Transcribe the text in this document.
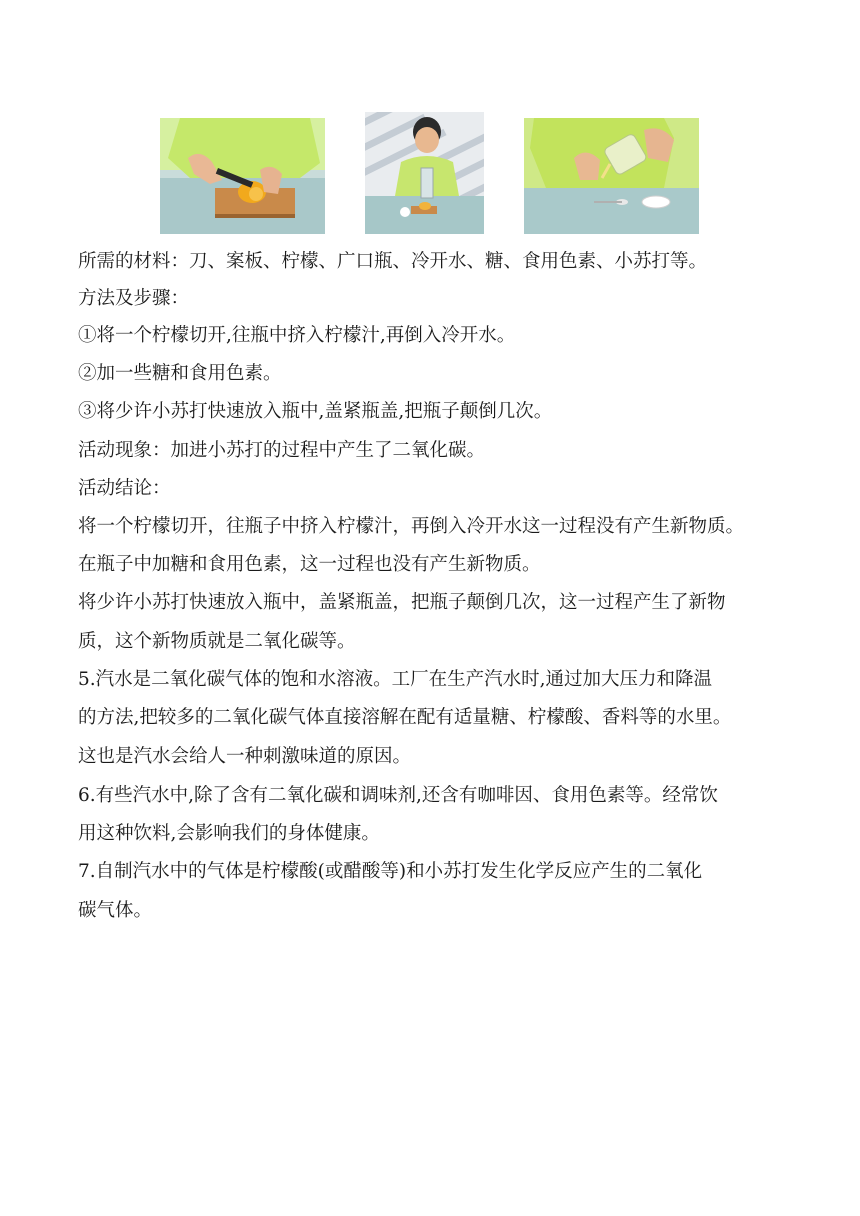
所需的材料：刀、案板、柠檬、广口瓶、冷开水、糖、食用色素、小苏打等。
方法及步骤：
①将一个柠檬切开,往瓶中挤入柠檬汁,再倒入冷开水。
②加一些糖和食用色素。
③将少许小苏打快速放入瓶中,盖紧瓶盖,把瓶子颠倒几次。
活动现象：加进小苏打的过程中产生了二氧化碳。
活动结论：
将一个柠檬切开，往瓶子中挤入柠檬汁，再倒入冷开水这一过程没有产生新物质。
在瓶子中加糖和食用色素，这一过程也没有产生新物质。
将少许小苏打快速放入瓶中，盖紧瓶盖，把瓶子颠倒几次，这一过程产生了新物
质，这个新物质就是二氧化碳等。
5.汽水是二氧化碳气体的饱和水溶液。工厂在生产汽水时,通过加大压力和降温
的方法,把较多的二氧化碳气体直接溶解在配有适量糖、柠檬酸、香料等的水里。
这也是汽水会给人一种刺激味道的原因。
6.有些汽水中,除了含有二氧化碳和调味剂,还含有咖啡因、食用色素等。经常饮
用这种饮料,会影响我们的身体健康。
7.自制汽水中的气体是柠檬酸(或醋酸等)和小苏打发生化学反应产生的二氧化
碳气体。
